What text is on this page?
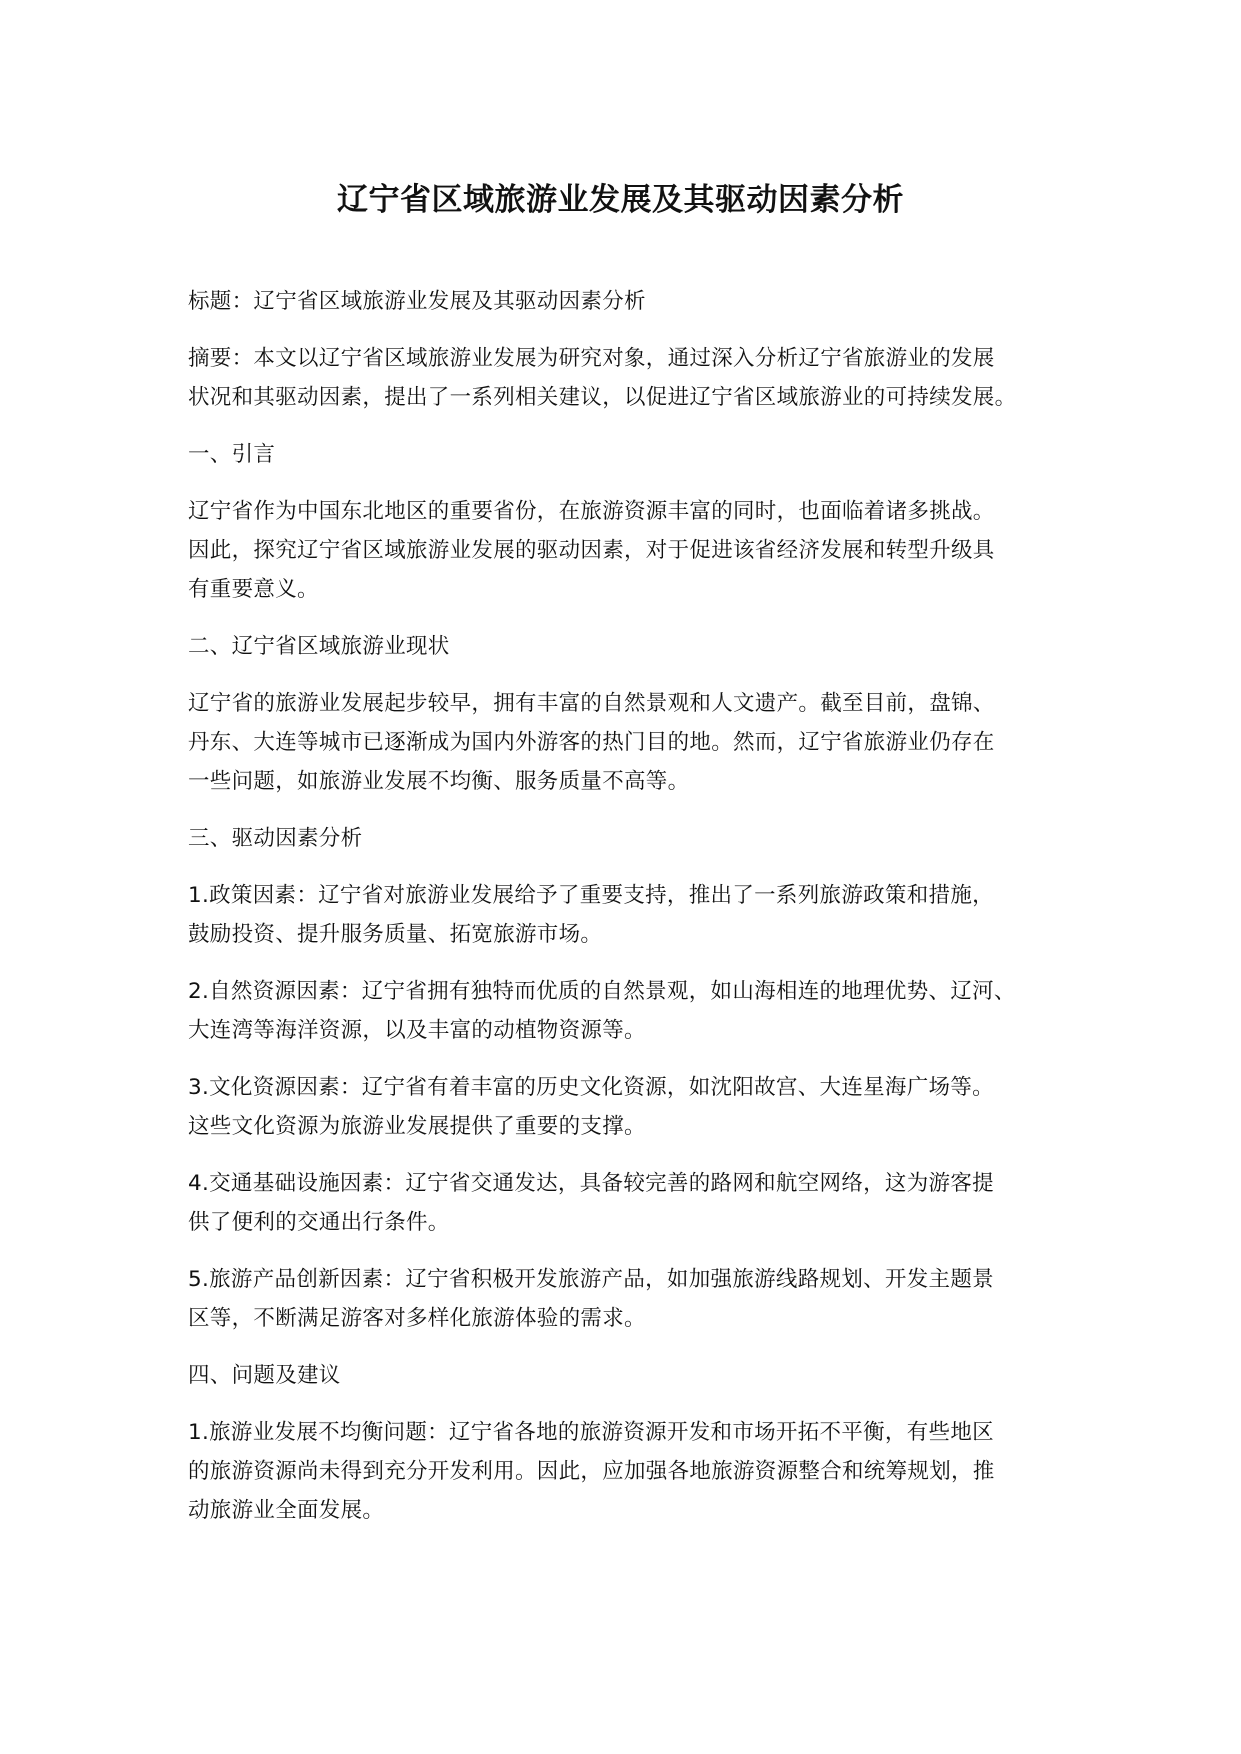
辽宁省区域旅游业发展及其驱动因素分析

标题：辽宁省区域旅游业发展及其驱动因素分析

摘要：本文以辽宁省区域旅游业发展为研究对象，通过深入分析辽宁省旅游业的发展
状况和其驱动因素，提出了一系列相关建议，以促进辽宁省区域旅游业的可持续发展。

一、引言

辽宁省作为中国东北地区的重要省份，在旅游资源丰富的同时，也面临着诸多挑战。
因此，探究辽宁省区域旅游业发展的驱动因素，对于促进该省经济发展和转型升级具
有重要意义。

二、辽宁省区域旅游业现状

辽宁省的旅游业发展起步较早，拥有丰富的自然景观和人文遗产。截至目前，盘锦、
丹东、大连等城市已逐渐成为国内外游客的热门目的地。然而，辽宁省旅游业仍存在
一些问题，如旅游业发展不均衡、服务质量不高等。

三、驱动因素分析

1.政策因素：辽宁省对旅游业发展给予了重要支持，推出了一系列旅游政策和措施，
鼓励投资、提升服务质量、拓宽旅游市场。

2.自然资源因素：辽宁省拥有独特而优质的自然景观，如山海相连的地理优势、辽河、
大连湾等海洋资源，以及丰富的动植物资源等。

3.文化资源因素：辽宁省有着丰富的历史文化资源，如沈阳故宫、大连星海广场等。
这些文化资源为旅游业发展提供了重要的支撑。

4.交通基础设施因素：辽宁省交通发达，具备较完善的路网和航空网络，这为游客提
供了便利的交通出行条件。

5.旅游产品创新因素：辽宁省积极开发旅游产品，如加强旅游线路规划、开发主题景
区等，不断满足游客对多样化旅游体验的需求。

四、问题及建议

1.旅游业发展不均衡问题：辽宁省各地的旅游资源开发和市场开拓不平衡，有些地区
的旅游资源尚未得到充分开发利用。因此，应加强各地旅游资源整合和统筹规划，推
动旅游业全面发展。
